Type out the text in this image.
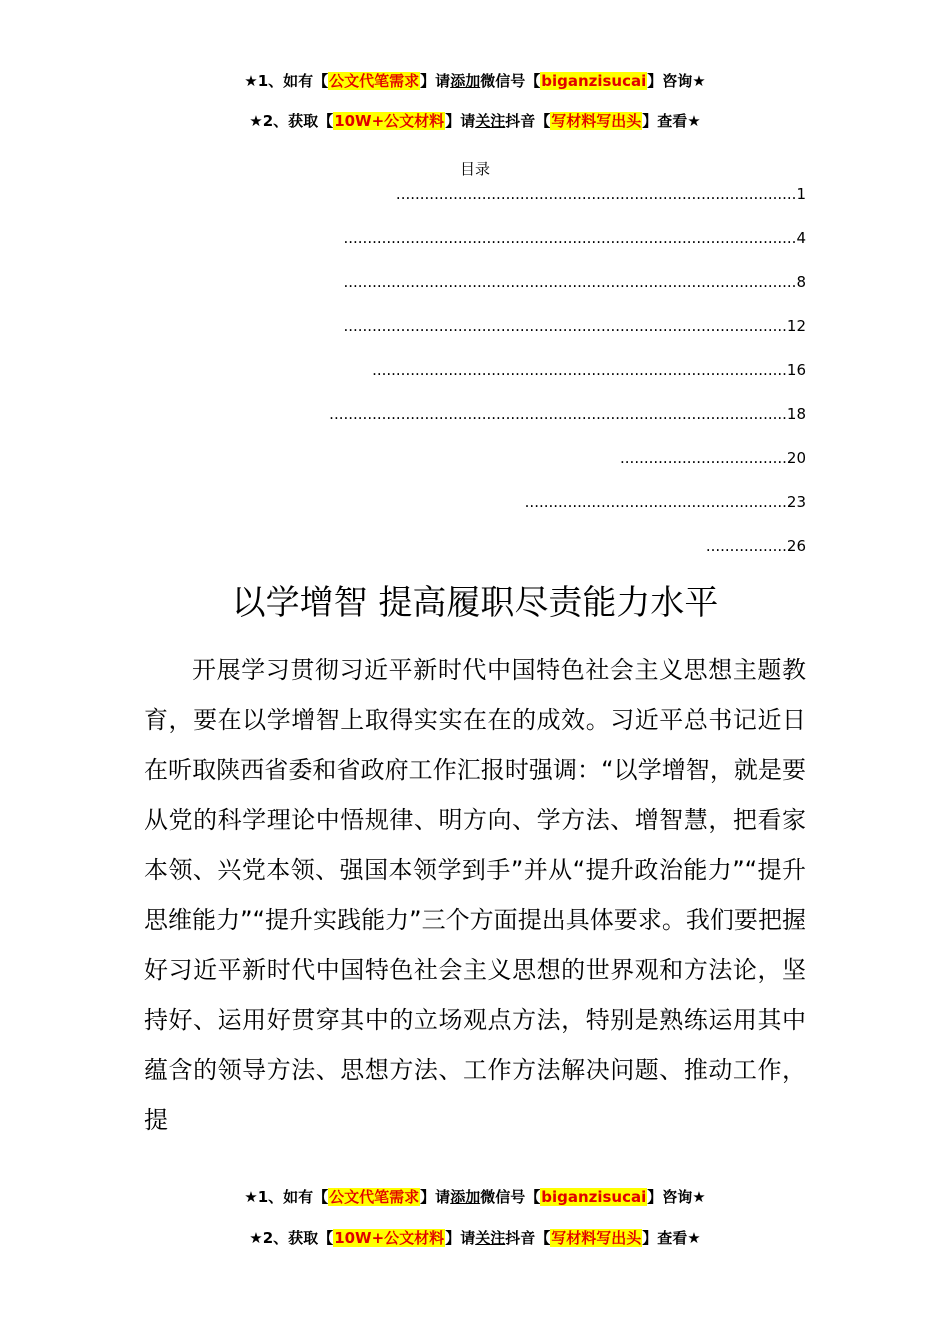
★1、如有【公文代笔需求】请添加微信号【biganzisucai】咨询★
★2、获取【10W+公文材料】请关注抖音【写材料写出头】查看★
目录
....................................................................................1
...............................................................................................4
...............................................................................................8
.............................................................................................12
.......................................................................................16
................................................................................................18
...................................20
.......................................................23
.................26
以学增智 提高履职尽责能力水平
开展学习贯彻习近平新时代中国特色社会主义思想主题教育，要在以学增智上取得实实在在的成效。习近平总书记近日在听取陕西省委和省政府工作汇报时强调：“以学增智，就是要从党的科学理论中悟规律、明方向、学方法、增智慧，把看家本领、兴党本领、强国本领学到手”并从“提升政治能力”“提升思维能力”“提升实践能力”三个方面提出具体要求。我们要把握好习近平新时代中国特色社会主义思想的世界观和方法论，坚持好、运用好贯穿其中的立场观点方法，特别是熟练运用其中蕴含的领导方法、思想方法、工作方法解决问题、推动工作，提
★1、如有【公文代笔需求】请添加微信号【biganzisucai】咨询★
★2、获取【10W+公文材料】请关注抖音【写材料写出头】查看★
